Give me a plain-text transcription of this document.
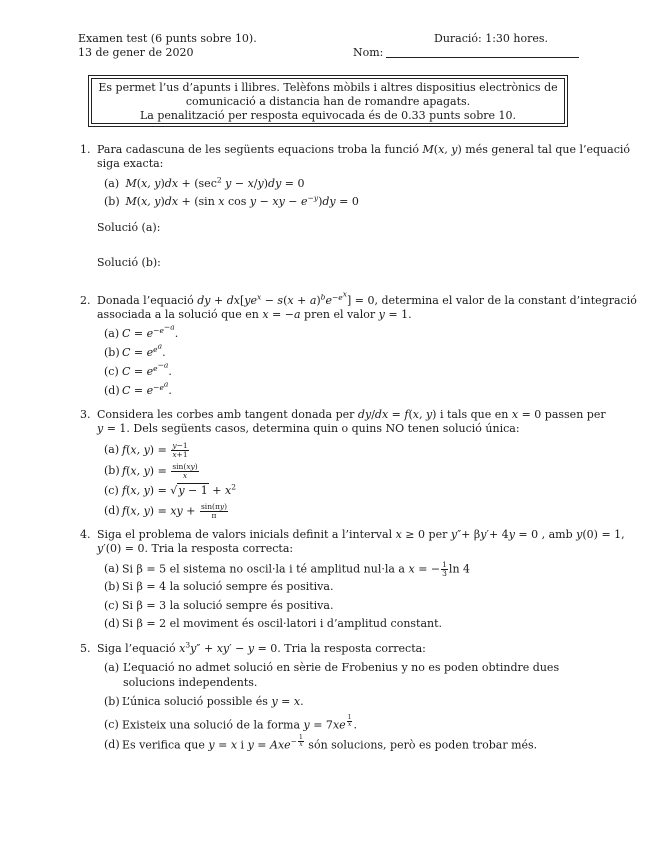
Examen test (6 punts sobre 10).
13 de gener de 2020
Duració: 1:30 hores.
Nom:
Es permet l’us d’apunts i llibres. Telèfons mòbils i altres dispositius electrònics de
comunicació a distancia han de romandre apagats.
La penalització per resposta equivocada és de 0.33 punts sobre 10.
1. Para cadascuna de les següents equacions troba la funció M(x, y) més general tal que l’equació
siga exacta:
(a) M(x, $y)dx + (\sec^2$ y − x/y)dy = 0
(b) M(x, y)dx + (sin x cos y − xy − $e^{-y})dy = 0$
Solució (a):
Solució (b):
2. Donada l’equació dy + $dx[ye^x - s(x + a)^be^{-e^x}] = 0$, determina el valor de la constant d’integració
associada a la solució que en x = −a pren el valor y = 1.
(a) $C = e^{-e^{-a}}$.
(b) $C = e^{e^a}$.
(c) $C = e^{e^{-a}}$.
(d) $C = e^{-e^a}$.
3. Considera les corbes amb tangent donada per dy/dx = f(x, y) i tals que en x = 0 passen per
y = 1. Dels següents casos, determina quin o quins NO tenen solució única:
(a) f(x, $y) = \frac{y-1}{x+1}$
(b) f(x, $y) = \frac{\sin(xy)}{x}$
(c) f(x, $y) = √y - 1 + x^2$
(d) f(x, y) = xy + $\frac{\sin(\pi y)}{\pi}$
4. Siga el problema de valors inicials definit a l’interval x ≥ 0 per y″+ βy′+ 4y = 0 , amb y(0) = 1,
y′(0) = 0. Tria la resposta correcta:
(a) Si β = 5 el sistema no oscil·la i té amplitud nul·la a x = − $\frac{1}{3}$ ln 4
(b) Si β = 4 la solució sempre és positiva.
(c) Si β = 3 la solució sempre és positiva.
(d) Si β = 2 el moviment és oscil·latori i d’amplitud constant.
5. Siga l’equació $x^3y'' + xy' - y = 0$. Tria la resposta correcta:
(a) L’equació no admet solució en sèrie de Frobenius y no es poden obtindre dues solucions independents.
(b) L’única solució possible és y = x.
(c) Existeix una solució de la forma y = 7xe $^{\frac{1}{x}}$ .
(d) Es verifica que y = x i y = Axe$^{- \frac{1}{x}}$ són solucions, però es poden trobar més.
